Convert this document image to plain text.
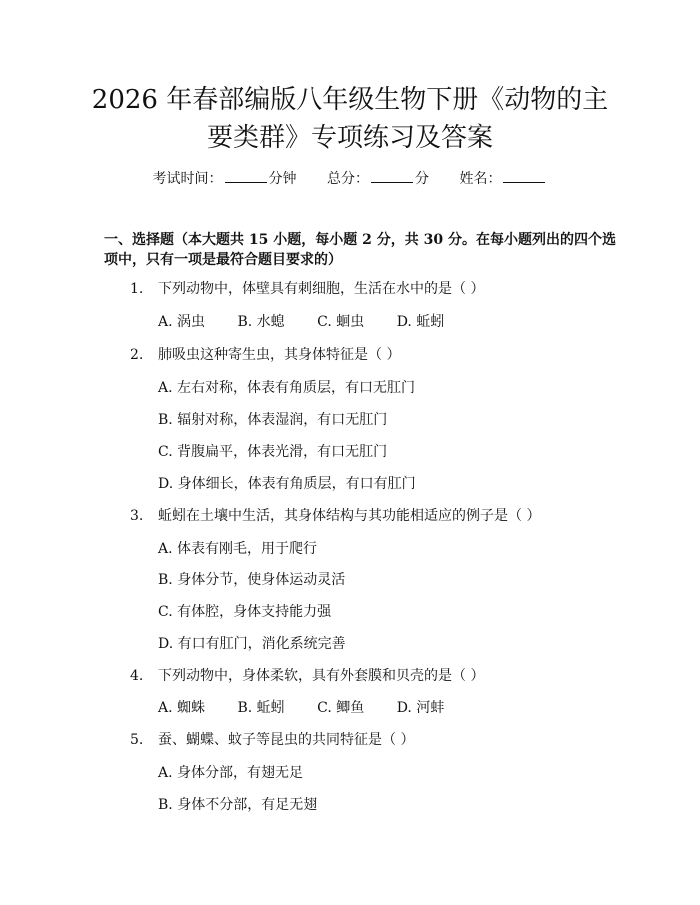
2026 年春部编版八年级生物下册《动物的主
要类群》专项练习及答案
考试时间：	分钟 总分：	分 姓名：
一、选择题（本大题共 15 小题，每小题 2 分，共 30 分。在每小题列出的四个选
项中，只有一项是最符合题目要求的）
1. 下列动物中，体壁具有刺细胞，生活在水中的是（ ）
A. 涡虫 B. 水螅 C. 蛔虫 D. 蚯蚓
2. 肺吸虫这种寄生虫，其身体特征是（ ）
A. 左右对称，体表有角质层，有口无肛门
B. 辐射对称，体表湿润，有口无肛门
C. 背腹扁平，体表光滑，有口无肛门
D. 身体细长，体表有角质层，有口有肛门
3. 蚯蚓在土壤中生活，其身体结构与其功能相适应的例子是（ ）
A. 体表有刚毛，用于爬行
B. 身体分节，使身体运动灵活
C. 有体腔，身体支持能力强
D. 有口有肛门，消化系统完善
4. 下列动物中，身体柔软，具有外套膜和贝壳的是（ ）
A. 蜘蛛 B. 蚯蚓 C. 鲫鱼 D. 河蚌
5. 蚕、蝴蝶、蚊子等昆虫的共同特征是（ ）
A. 身体分部，有翅无足
B. 身体不分部，有足无翅
